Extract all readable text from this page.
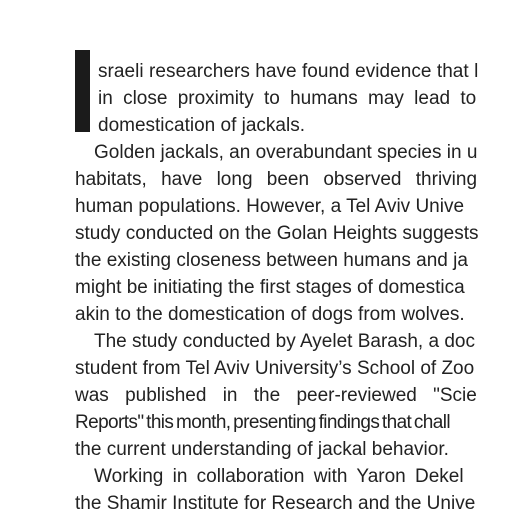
sraeli researchers have found evidence that l
in close proximity to humans may lead to
domestication of jackals.
Golden jackals, an overabundant species in u
habitats, have long been observed thriving
human populations. However, a Tel Aviv Unive
study conducted on the Golan Heights suggests
the existing closeness between humans and ja
might be initiating the first stages of domestica
akin to the domestication of dogs from wolves.
The study conducted by Ayelet Barash, a doc
student from Tel Aviv University’s School of Zoo
was published in the peer-reviewed "Scie
Reports" this month, presenting findings that chall
the current understanding of jackal behavior.
Working in collaboration with Yaron Dekel
the Shamir Institute for Research and the Unive
